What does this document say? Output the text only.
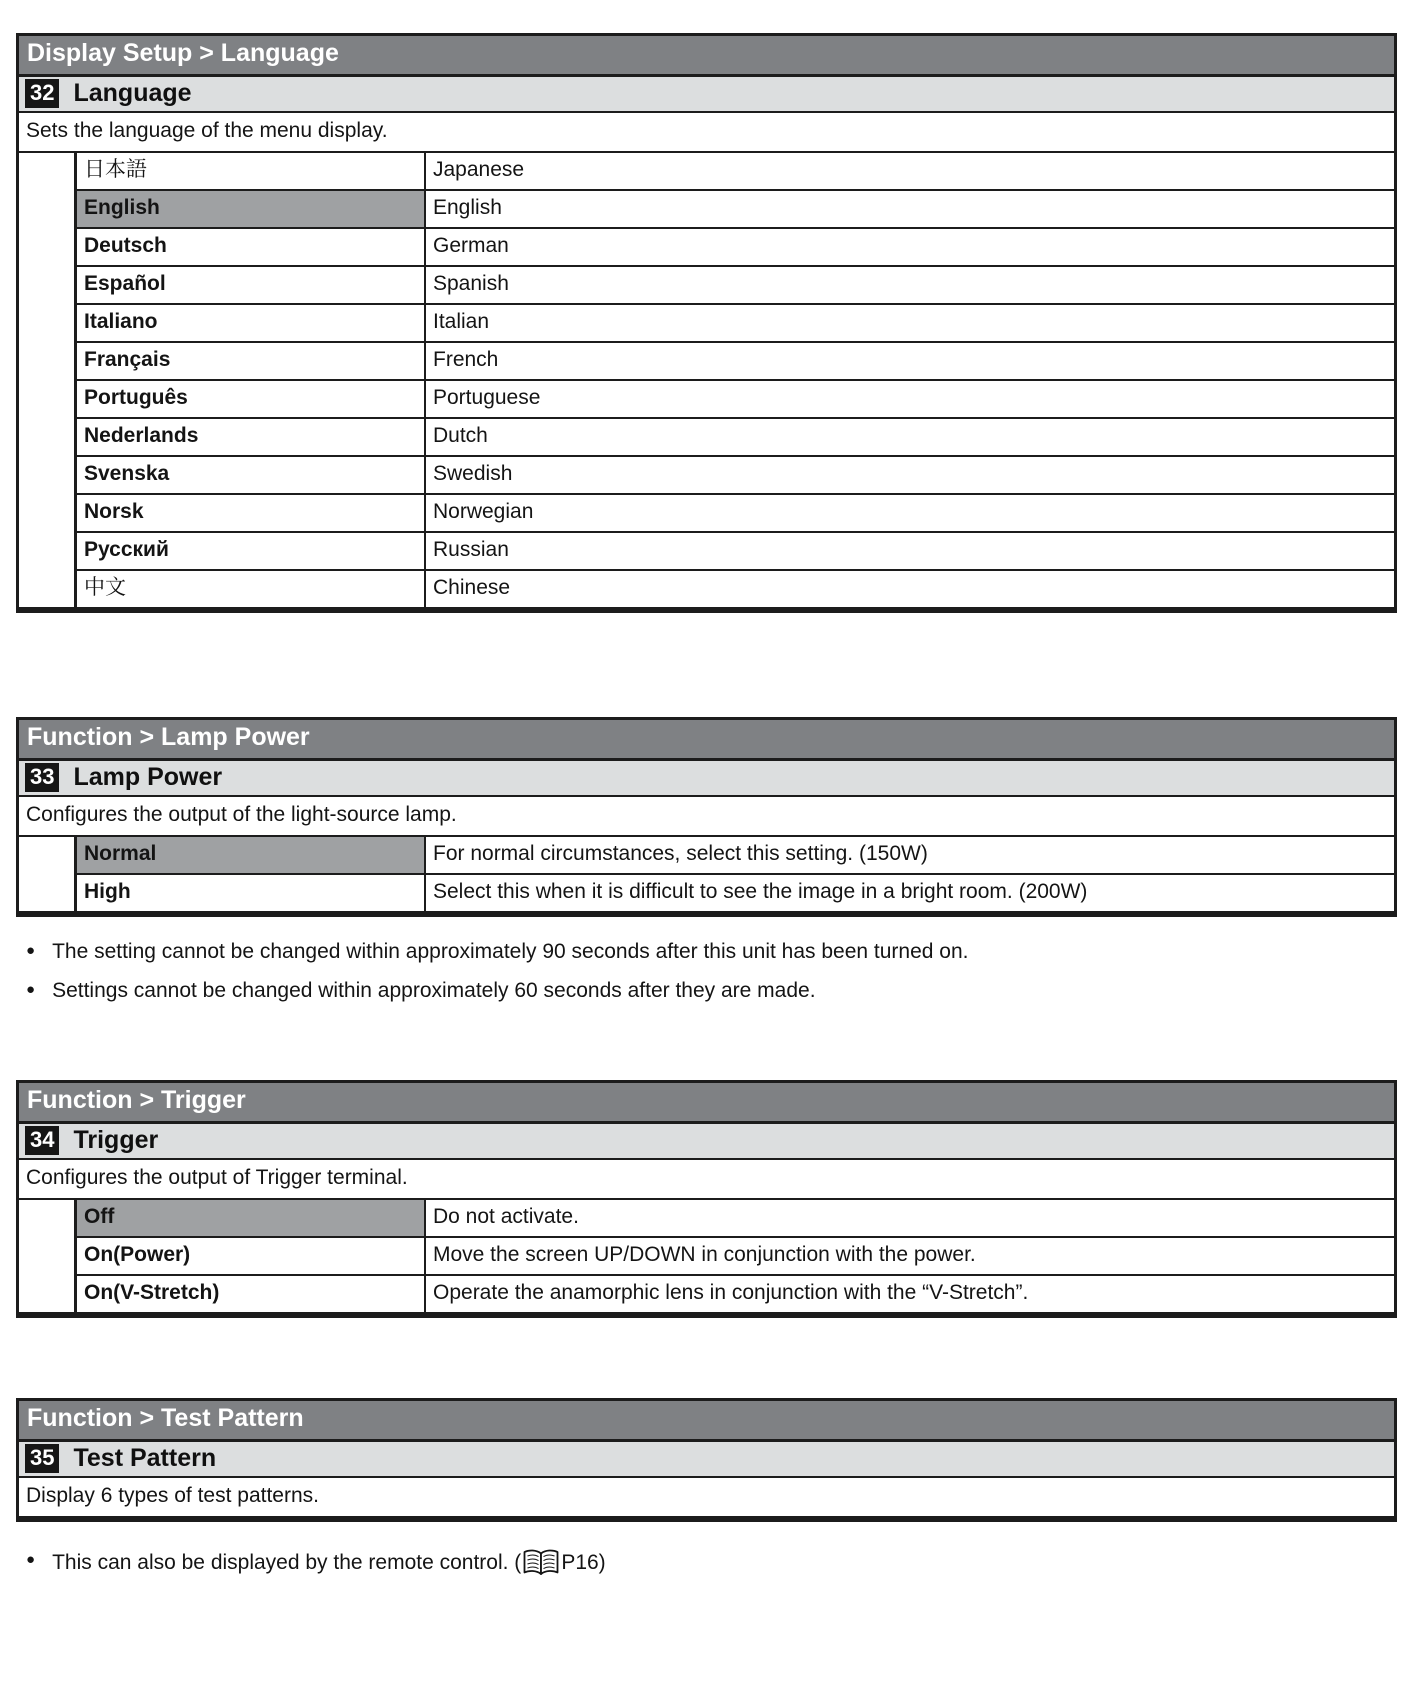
Display Setup > Language
32 Language
Sets the language of the menu display.
日本語	Japanese
English	English
Deutsch	German
Español	Spanish
Italiano	Italian
Français	French
Português	Portuguese
Nederlands	Dutch
Svenska	Swedish
Norsk	Norwegian
Русский	Russian
中文	Chinese
Function > Lamp Power
33 Lamp Power
Configures the output of the light-source lamp.
Normal	For normal circumstances, select this setting. (150W)
High	Select this when it is difficult to see the image in a bright room. (200W)
● The setting cannot be changed within approximately 90 seconds after this unit has been turned on.
● Settings cannot be changed within approximately 60 seconds after they are made.
Function > Trigger
34 Trigger
Configures the output of Trigger terminal.
Off	Do not activate.
On(Power)	Move the screen UP/DOWN in conjunction with the power.
On(V-Stretch)	Operate the anamorphic lens in conjunction with the “V-Stretch”.
Function > Test Pattern
35 Test Pattern
Display 6 types of test patterns.
● This can also be displayed by the remote control. ( P16)
